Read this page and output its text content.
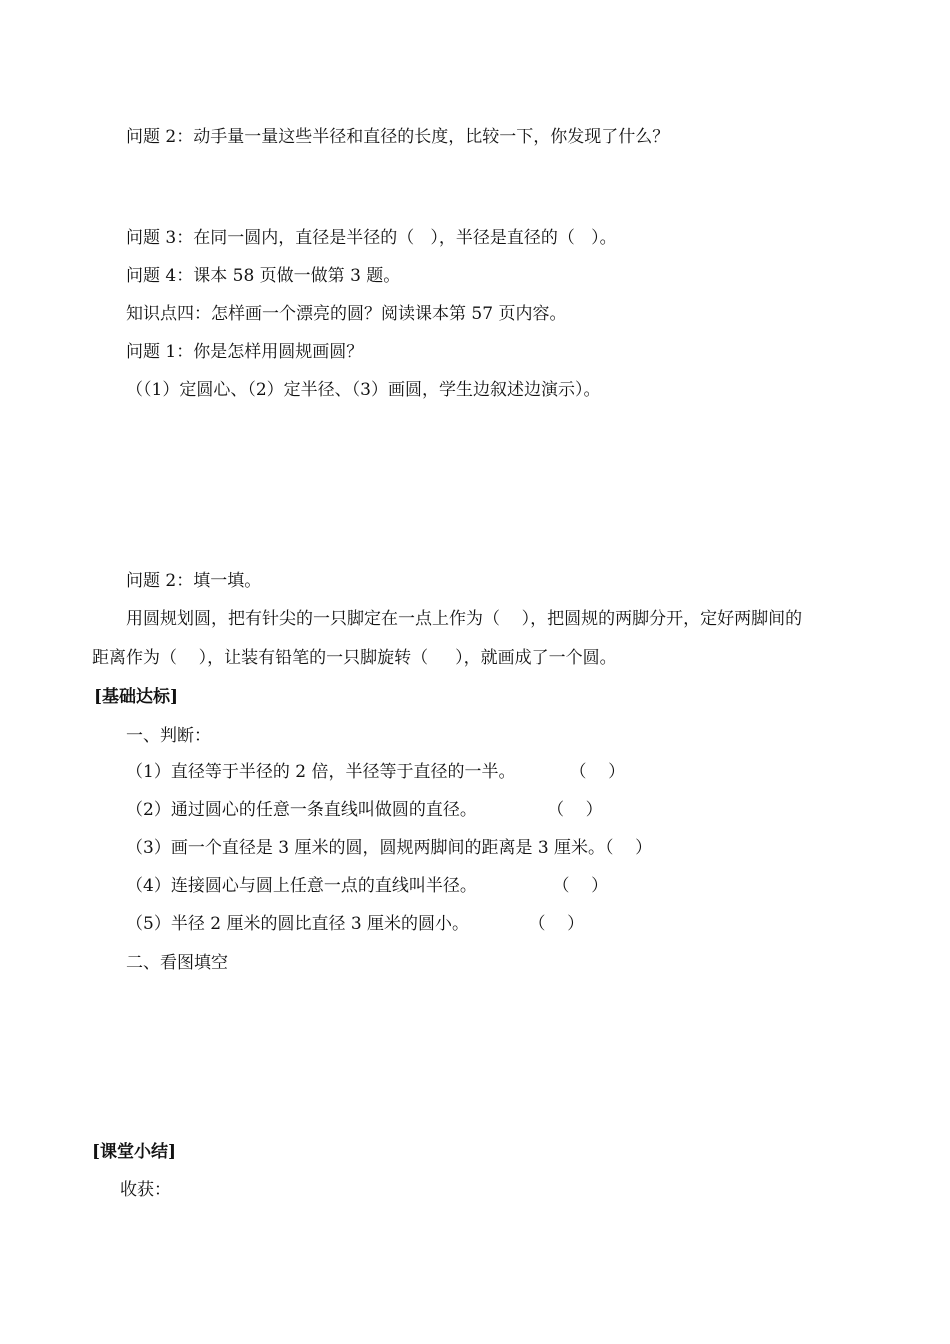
问题 2：动手量一量这些半径和直径的长度，比较一下，你发现了什么？
问题 3：在同一圆内，直径是半径的（   ），半径是直径的（   ）。
问题 4：课本 58 页做一做第 3 题。
知识点四：怎样画一个漂亮的圆？阅读课本第 57 页内容。
问题 1：你是怎样用圆规画圆？
（（1）定圆心、（2）定半径、（3）画圆，学生边叙述边演示）。
问题 2：填一填。
用圆规划圆，把有针尖的一只脚定在一点上作为（    ），把圆规的两脚分开，定好两脚间的
距离作为（    ），让装有铅笔的一只脚旋转（     ），就画成了一个圆。
[基础达标]
一、判断：
（1）直径等于半径的 2 倍，半径等于直径的一半。          （    ）
（2）通过圆心的任意一条直线叫做圆的直径。             （    ）
（3）画一个直径是 3 厘米的圆，圆规两脚间的距离是 3 厘米。（    ）
（4）连接圆心与圆上任意一点的直线叫半径。              （    ）
（5）半径 2 厘米的圆比直径 3 厘米的圆小。           （    ）
二、看图填空
[课堂小结]
收获：
